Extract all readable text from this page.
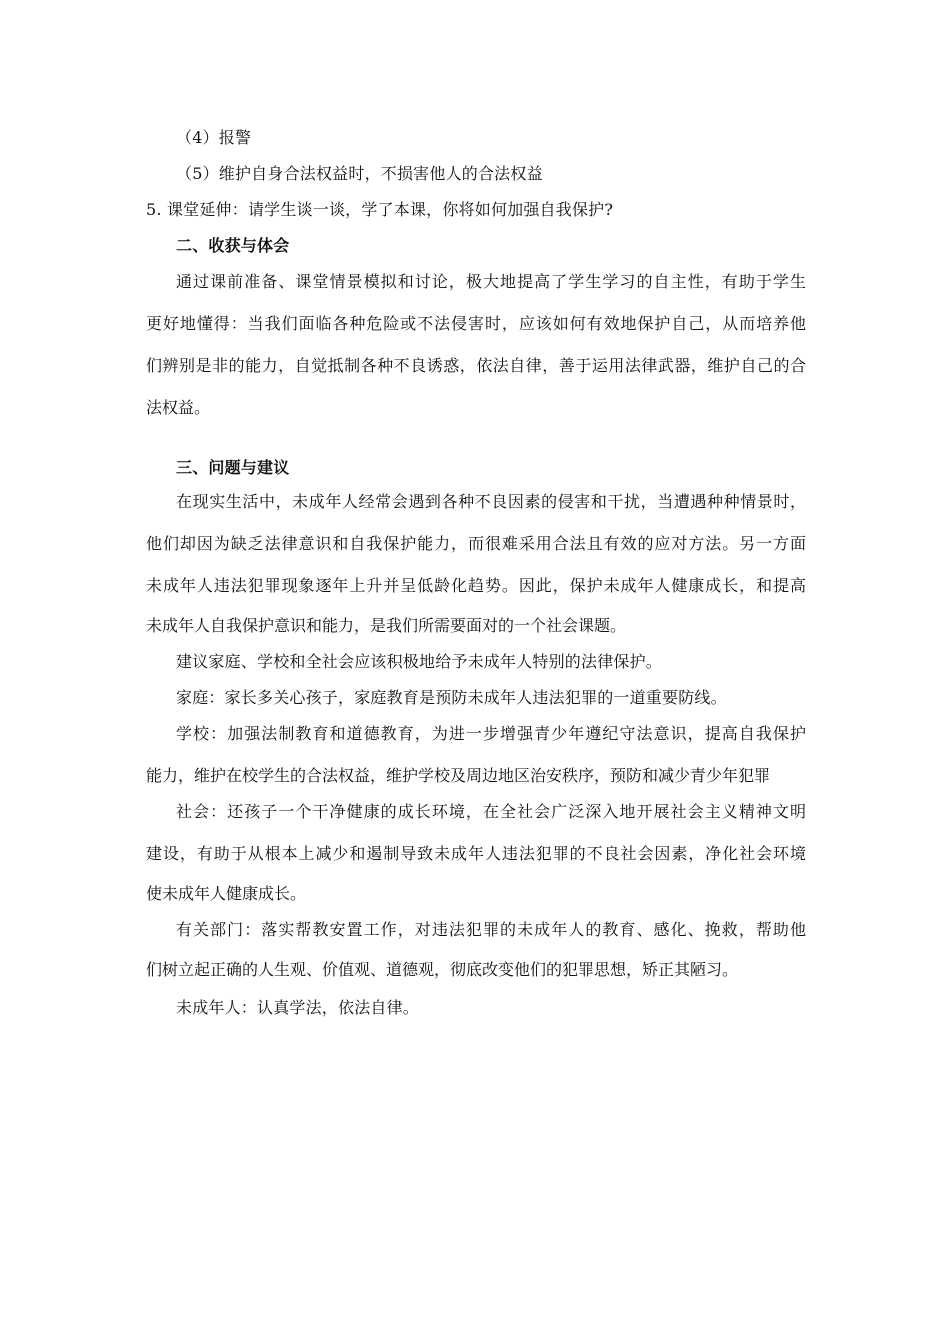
（4）报警
（5）维护自身合法权益时，不损害他人的合法权益
5. 课堂延伸：请学生谈一谈，学了本课，你将如何加强自我保护?
二、收获与体会
通过课前准备、课堂情景模拟和讨论，极大地提高了学生学习的自主性，有助于学生
更好地懂得：当我们面临各种危险或不法侵害时，应该如何有效地保护自己，从而培养他
们辨别是非的能力，自觉抵制各种不良诱惑，依法自律，善于运用法律武器，维护自己的合
法权益。
三、问题与建议
在现实生活中，未成年人经常会遇到各种不良因素的侵害和干扰，当遭遇种种情景时，
他们却因为缺乏法律意识和自我保护能力，而很难采用合法且有效的应对方法。另一方面
未成年人违法犯罪现象逐年上升并呈低龄化趋势。因此，保护未成年人健康成长，和提高
未成年人自我保护意识和能力，是我们所需要面对的一个社会课题。
建议家庭、学校和全社会应该积极地给予未成年人特别的法律保护。
家庭：家长多关心孩子，家庭教育是预防未成年人违法犯罪的一道重要防线。
学校：加强法制教育和道德教育，为进一步增强青少年遵纪守法意识，提高自我保护
能力，维护在校学生的合法权益，维护学校及周边地区治安秩序，预防和减少青少年犯罪
社会：还孩子一个干净健康的成长环境，在全社会广泛深入地开展社会主义精神文明
建设，有助于从根本上减少和遏制导致未成年人违法犯罪的不良社会因素，净化社会环境
使未成年人健康成长。
有关部门：落实帮教安置工作，对违法犯罪的未成年人的教育、感化、挽救，帮助他
们树立起正确的人生观、价值观、道德观，彻底改变他们的犯罪思想，矫正其陋习。
未成年人：认真学法，依法自律。
